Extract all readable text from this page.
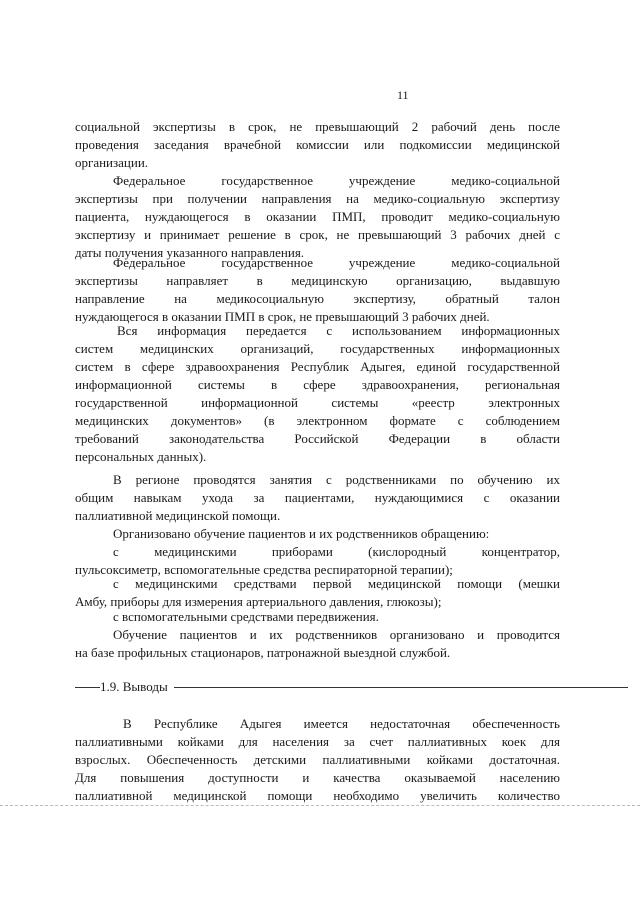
11
социальной экспертизы в срок, не превышающий 2 рабочий день после
проведения заседания врачебной комиссии или подкомиссии медицинской
организации.
Федеральное государственное учреждение медико-социальной
экспертизы при получении направления на медико-социальную экспертизу
пациента, нуждающегося в оказании ПМП, проводит медико-социальную
экспертизу и принимает решение в срок, не превышающий 3 рабочих дней с
даты получения указанного направления.
Федеральное государственное учреждение медико-социальной
экспертизы направляет в медицинскую организацию, выдавшую
направление на медикосоциальную экспертизу, обратный талон
нуждающегося в оказании ПМП в срок, не превышающий 3 рабочих дней.
Вся информация передается с использованием информационных
систем медицинских организаций, государственных информационных
систем в сфере здравоохранения Республик Адыгея, единой государственной
информационной системы в сфере здравоохранения, региональная
государственной информационной системы «реестр электронных
медицинских документов» (в электронном формате с соблюдением
требований законодательства Российской Федерации в области
персональных данных).
В регионе проводятся занятия с родственниками по обучению их
общим навыкам ухода за пациентами, нуждающимися с оказании
паллиативной медицинской помощи.
Организовано обучение пациентов и их родственников обращению:
с медицинскими приборами (кислородный концентратор,
пульсоксиметр, вспомогательные средства респираторной терапии);
с медицинскими средствами первой медицинской помощи (мешки
Амбу, приборы для измерения артериального давления, глюкозы);
с вспомогательными средствами передвижения.
Обучение пациентов и их родственников организовано и проводится
на базе профильных стационаров, патронажной выездной службой.
1.9. Выводы
В Республике Адыгея имеется недостаточная обеспеченность
паллиативными койками для населения за счет паллиативных коек для
взрослых. Обеспеченность детскими паллиативными койками достаточная.
Для повышения доступности и качества оказываемой населению
паллиативной медицинской помощи необходимо увеличить количество
